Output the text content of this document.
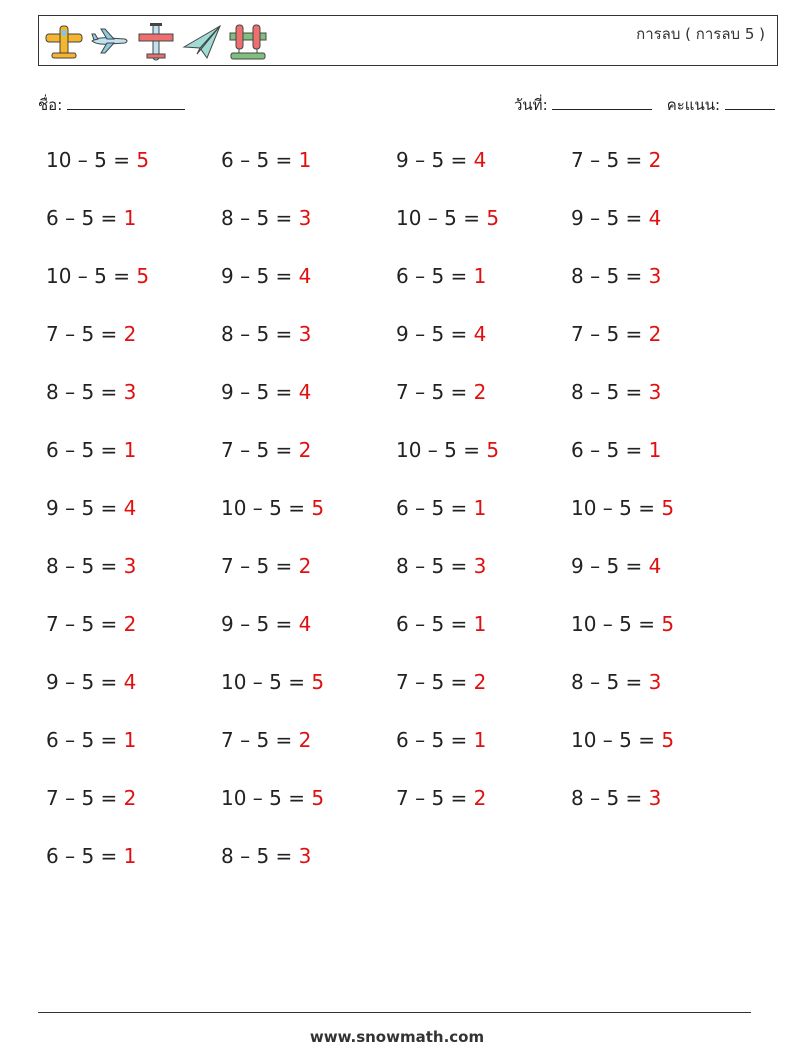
การลบ ( การลบ 5 )
ชื่อ:	วันที่:	คะแนน:
10 – 5 = 5	6 – 5 = 1	9 – 5 = 4	7 – 5 = 2
6 – 5 = 1	8 – 5 = 3	10 – 5 = 5	9 – 5 = 4
10 – 5 = 5	9 – 5 = 4	6 – 5 = 1	8 – 5 = 3
7 – 5 = 2	8 – 5 = 3	9 – 5 = 4	7 – 5 = 2
8 – 5 = 3	9 – 5 = 4	7 – 5 = 2	8 – 5 = 3
6 – 5 = 1	7 – 5 = 2	10 – 5 = 5	6 – 5 = 1
9 – 5 = 4	10 – 5 = 5	6 – 5 = 1	10 – 5 = 5
8 – 5 = 3	7 – 5 = 2	8 – 5 = 3	9 – 5 = 4
7 – 5 = 2	9 – 5 = 4	6 – 5 = 1	10 – 5 = 5
9 – 5 = 4	10 – 5 = 5	7 – 5 = 2	8 – 5 = 3
6 – 5 = 1	7 – 5 = 2	6 – 5 = 1	10 – 5 = 5
7 – 5 = 2	10 – 5 = 5	7 – 5 = 2	8 – 5 = 3
6 – 5 = 1	8 – 5 = 3
www.snowmath.com
